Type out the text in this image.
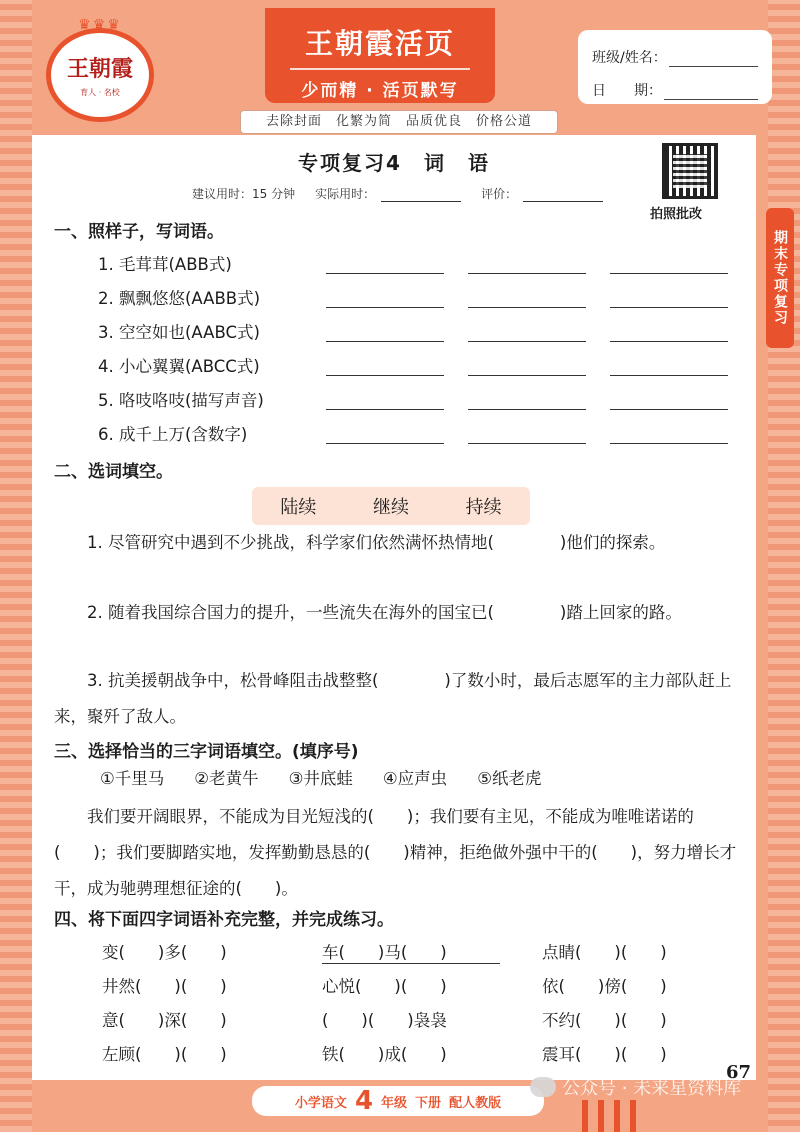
♛♛♛
王朝霞
育人 · 名校
王朝霞活页
少而精 · 活页默写
去除封面　化繁为简　品质优良　价格公道
班级/姓名：
日　　期：
期末专项复习
专项复习4　词　语
建议用时：15 分钟 实际用时：	评价：
拍照批改
一、照样子，写词语。
1. 毛茸茸(ABB式)
2. 飘飘悠悠(AABB式)
3. 空空如也(AABC式)
4. 小心翼翼(ABCC式)
5. 咯吱咯吱(描写声音)
6. 成千上万(含数字)
二、选词填空。
陆续	继续	持续
1. 尽管研究中遇到不少挑战，科学家们依然满怀热情地(　　　　)他们的探索。
2. 随着我国综合国力的提升，一些流失在海外的国宝已(　　　　)踏上回家的路。
3. 抗美援朝战争中，松骨峰阻击战整整(　　　　)了数小时，最后志愿军的主力部队赶上来，聚歼了敌人。
三、选择恰当的三字词语填空。(填序号)
①千里马 ②老黄牛 ③井底蛙 ④应声虫 ⑤纸老虎
我们要开阔眼界，不能成为目光短浅的(　　)；我们要有主见，不能成为唯唯诺诺的(　　)；我们要脚踏实地，发挥勤勤恳恳的(　　)精神，拒绝做外强中干的(　　)，努力增长才干，成为驰骋理想征途的(　　)。
四、将下面四字词语补充完整，并完成练习。
变(　　)多(　　)	车(　　)马(　　)	点睛(　　)(　　)
井然(　　)(　　)	心悦(　　)(　　)	依(　　)傍(　　)
意(　　)深(　　)	(　　)(　　)袅袅	不约(　　)(　　)
左顾(　　)(　　)	铁(　　)成(　　)	震耳(　　)(　　)
67
小学语文 4 年级 下册 配人教版
公众号 · 未来星资料库
